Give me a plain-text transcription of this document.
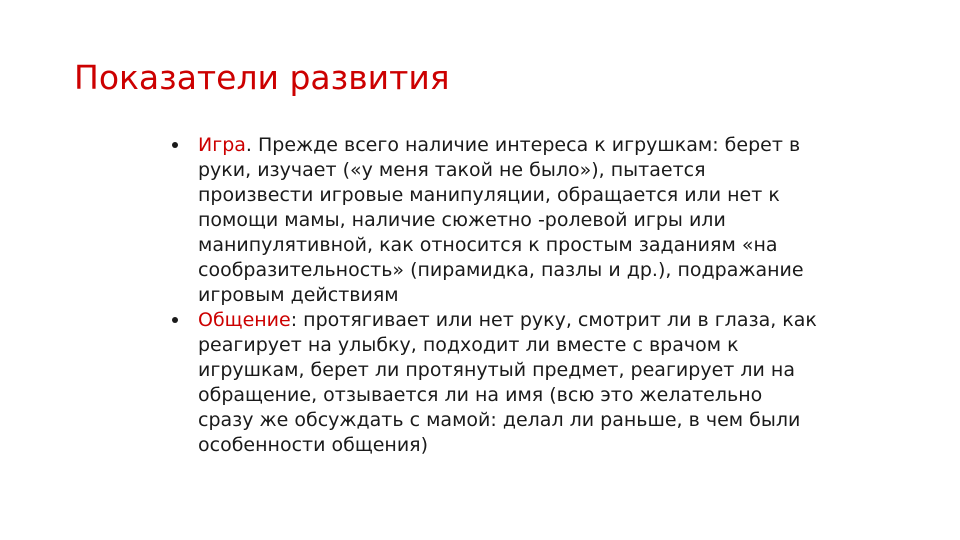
Показатели развития
Игра. Прежде всего наличие интереса к игрушкам: берет в руки, изучает («у меня такой не было»), пытается произвести игровые манипуляции, обращается или нет к помощи мамы, наличие сюжетно -ролевой игры или манипулятивной, как относится к простым заданиям «на сообразительность» (пирамидка, пазлы и др.), подражание игровым действиям
Общение: протягивает или нет руку, смотрит ли в глаза, как реагирует на улыбку, подходит ли вместе с врачом к игрушкам, берет ли протянутый предмет, реагирует ли на обращение, отзывается ли на имя (всю это желательно сразу же обсуждать с мамой: делал ли раньше, в чем были особенности общения)
